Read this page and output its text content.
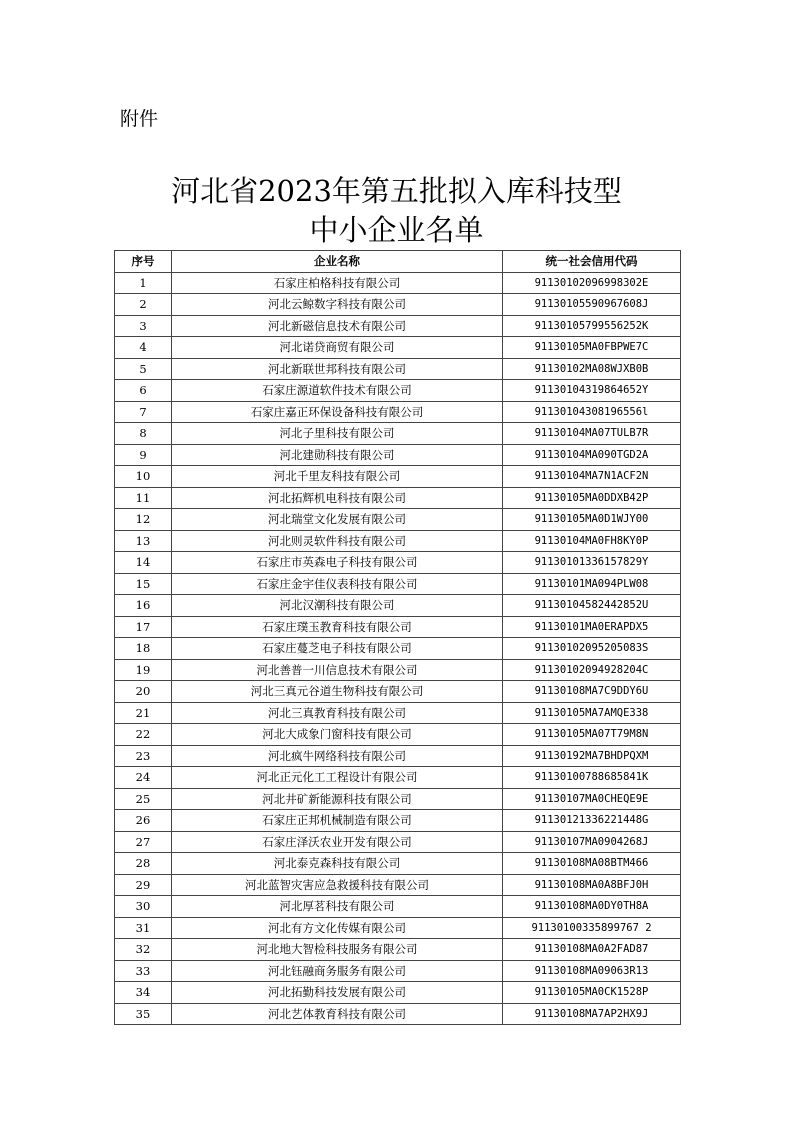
附件
河北省2023年第五批拟入库科技型
中小企业名单
序号	企业名称	统一社会信用代码
1	石家庄柏格科技有限公司	91130102096998302E
2	河北云鲸数字科技有限公司	91130105590967608J
3	河北新磁信息技术有限公司	91130105799556252K
4	河北诺贷商贸有限公司	91130105MA0FBPWE7C
5	河北新联世邦科技有限公司	91130102MA08WJXB0B
6	石家庄源道软件技术有限公司	91130104319864652Y
7	石家庄嘉正环保设备科技有限公司	91130104308196556l
8	河北子里科技有限公司	91130104MA07TULB7R
9	河北建勋科技有限公司	91130104MA090TGD2A
10	河北千里友科技有限公司	91130104MA7N1ACF2N
11	河北拓辉机电科技有限公司	91130105MA0DDXB42P
12	河北瑞堂文化发展有限公司	91130105MA0D1WJY00
13	河北则灵软件科技有限公司	91130104MA0FH8KY0P
14	石家庄市英森电子科技有限公司	91130101336157829Y
15	石家庄金宇佳仪表科技有限公司	91130101MA094PLW08
16	河北汉潮科技有限公司	91130104582442852U
17	石家庄璞玉教育科技有限公司	91130101MA0ERAPDX5
18	石家庄蔓芝电子科技有限公司	91130102095205083S
19	河北善普一川信息技术有限公司	91130102094928204C
20	河北三真元谷道生物科技有限公司	91130108MA7C9DDY6U
21	河北三真教育科技有限公司	91130105MA7AMQE338
22	河北大成象门窗科技有限公司	91130105MA07T79M8N
23	河北疯牛网络科技有限公司	91130192MA7BHDPQXM
24	河北正元化工工程设计有限公司	91130100788685841K
25	河北井矿新能源科技有限公司	91130107MA0CHEQE9E
26	石家庄正邦机械制造有限公司	91130121336221448G
27	石家庄泽沃农业开发有限公司	91130107MA0904268J
28	河北泰克森科技有限公司	91130108MA08BTM466
29	河北蓝智灾害应急救援科技有限公司	91130108MA0A8BFJ0H
30	河北厚茗科技有限公司	91130108MA0DY0TH8A
31	河北有方文化传媒有限公司	91130100335899767 2
32	河北地大智检科技服务有限公司	91130108MA0A2FAD87
33	河北钰融商务服务有限公司	91130108MA09063R13
34	河北拓勤科技发展有限公司	91130105MA0CK1528P
35	河北艺体教育科技有限公司	91130108MA7AP2HX9J
